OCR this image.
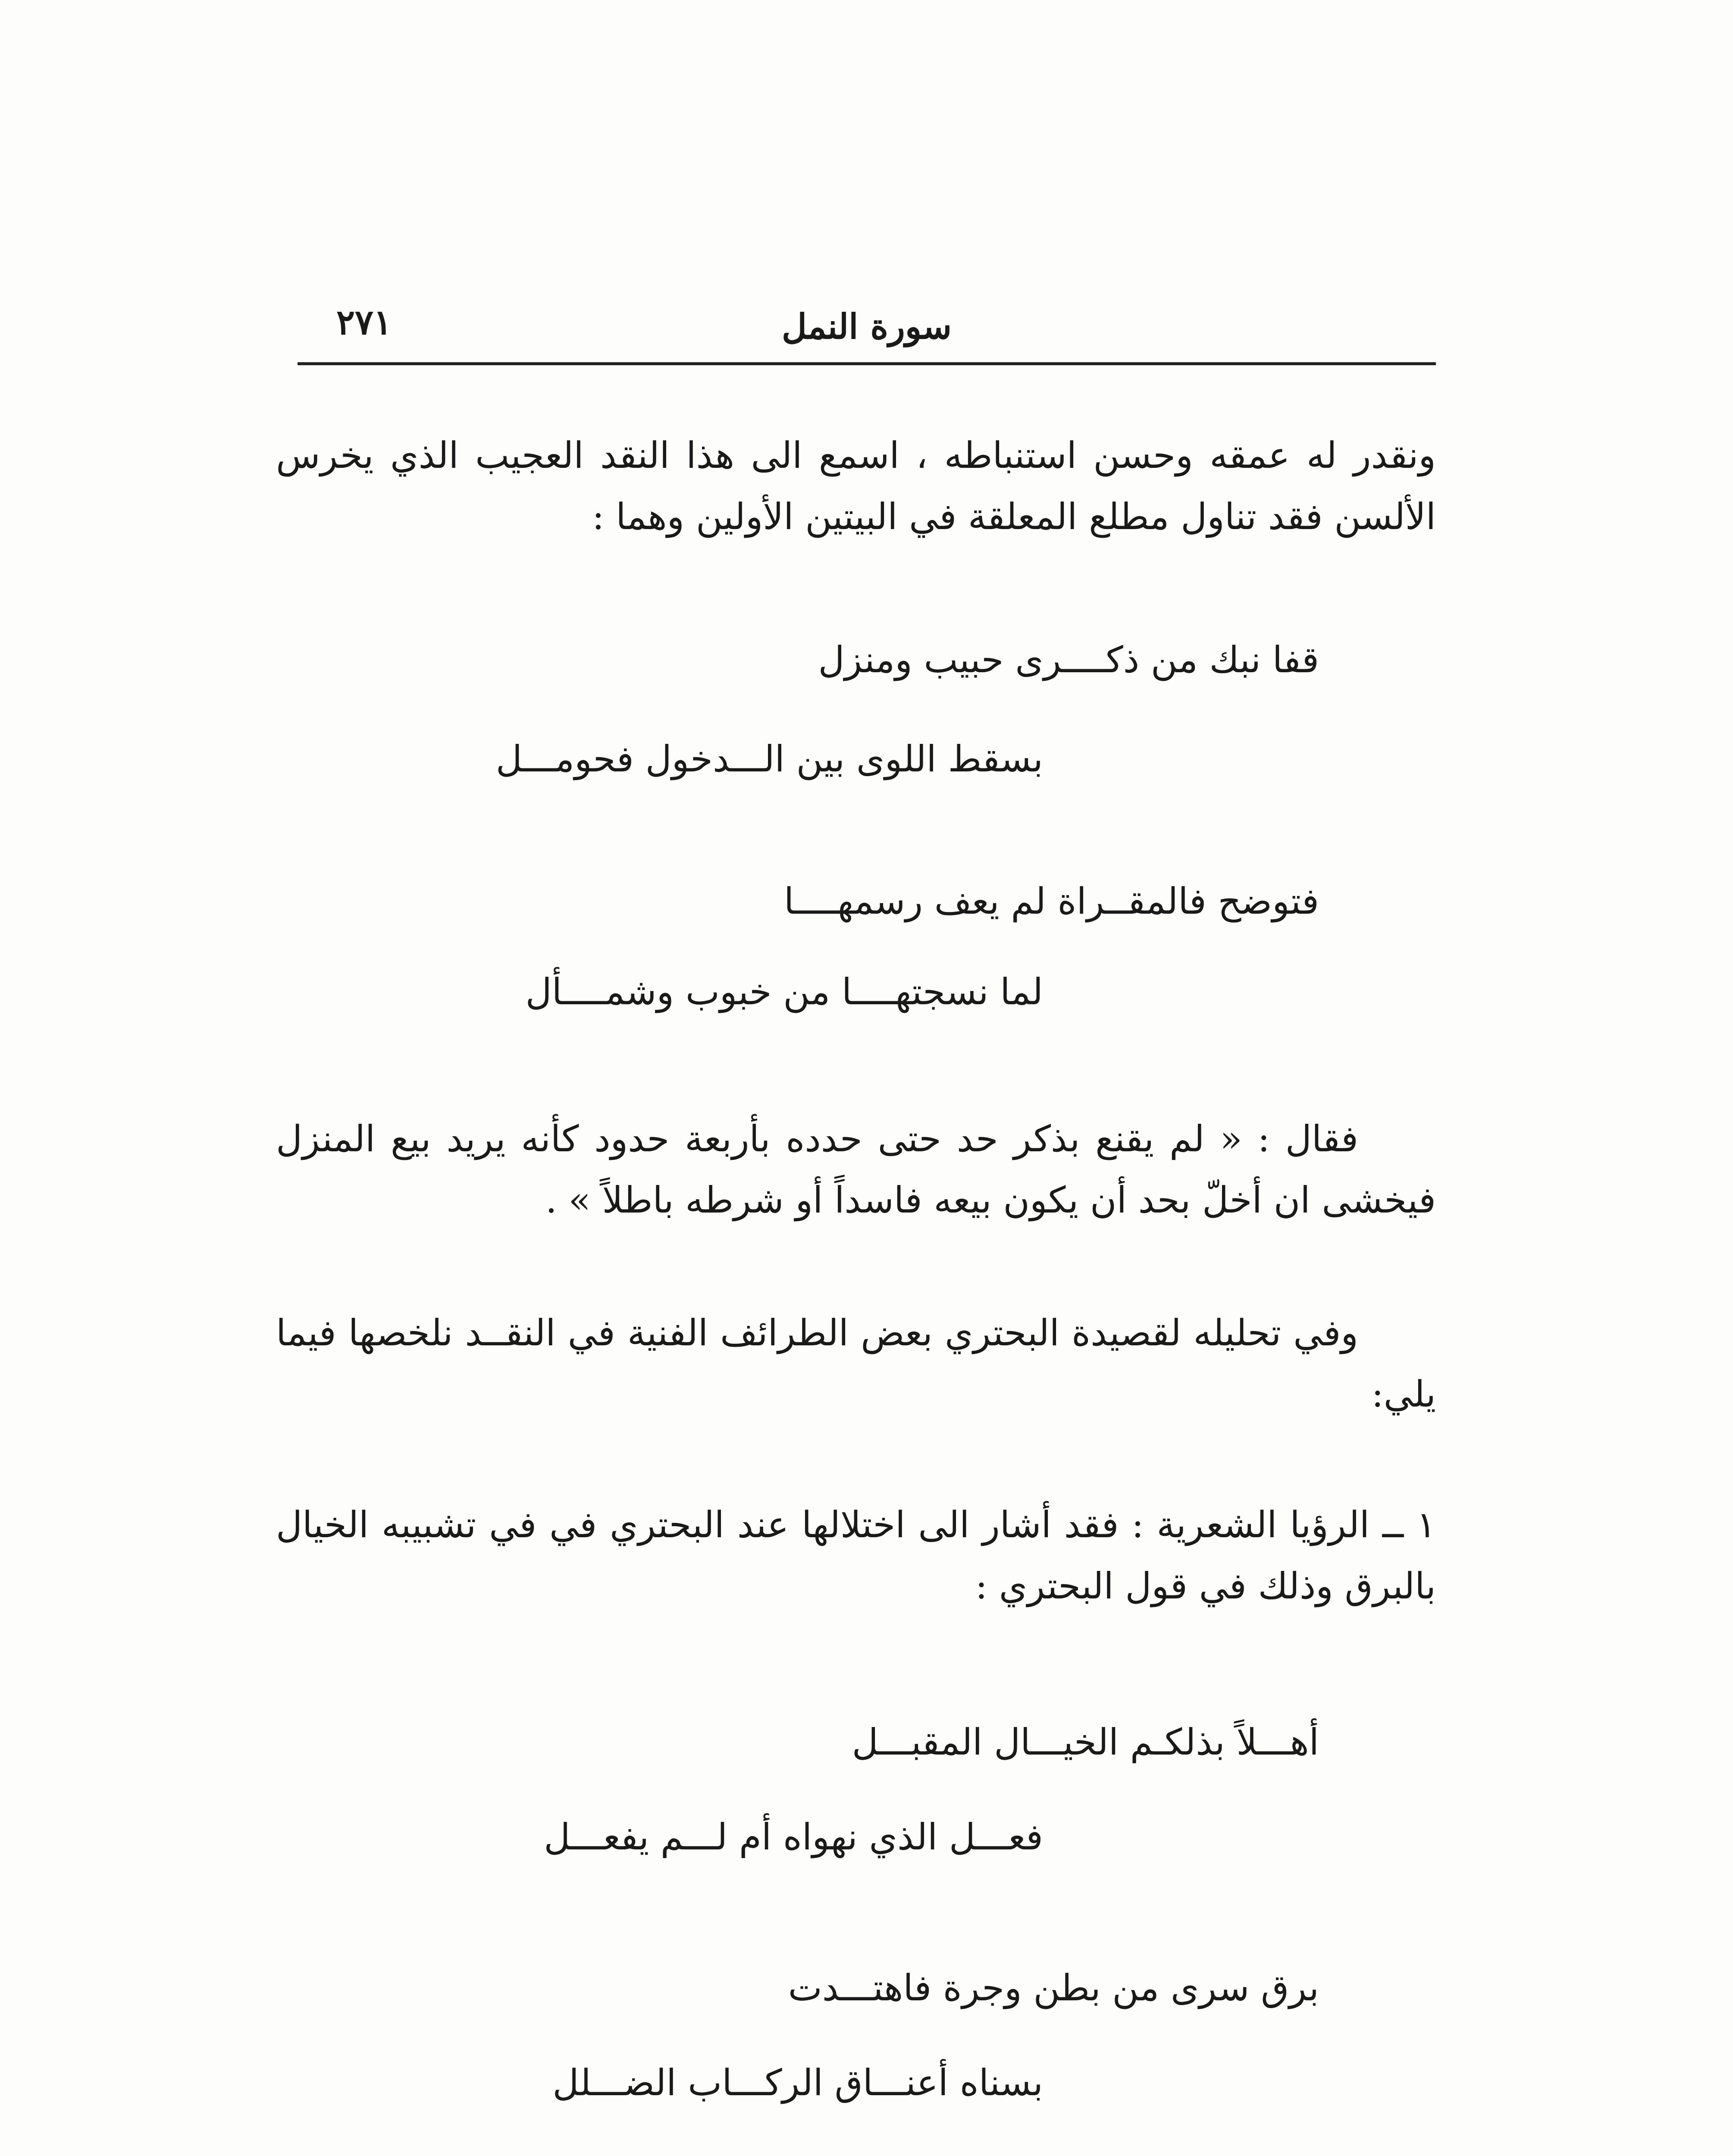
سورة النمل
٢٧١

ونقدر له عمقه وحسن استنباطه ، اسمع الى هذا النقد العجيب الذي يخرس الألسن فقد تناول مطلع المعلقة في البيتين الأولين وهما :

قفا نبك من ذكــــرى حبيب ومنزل
بسقط اللوى بين الـــدخول فحومـــل
فتوضح فالمقــراة لم يعف رسمهــــا
لما نسجتهــــا من خبوب وشمــــأل

فقال : « لم يقنع بذكر حد حتى حدده بأربعة حدود كأنه يريد بيع المنزل فيخشى ان أخلّ بحد أن يكون بيعه فاسداً أو شرطه باطلاً » .

وفي تحليله لقصيدة البحتري بعض الطرائف الفنية في النقــد نلخصها فيما يلي:

١ ــ الرؤيا الشعرية : فقد أشار الى اختلالها عند البحتري في في تشبيبه الخيال بالبرق وذلك في قول البحتري :

أهـــلاً بذلكـم الخيـــال المقبـــل
فعـــل الذي نهواه أم لـــم يفعـــل
برق سرى من بطن وجرة فاهتـــدت
بسناه أعنـــاق الركـــاب الضـــلل
